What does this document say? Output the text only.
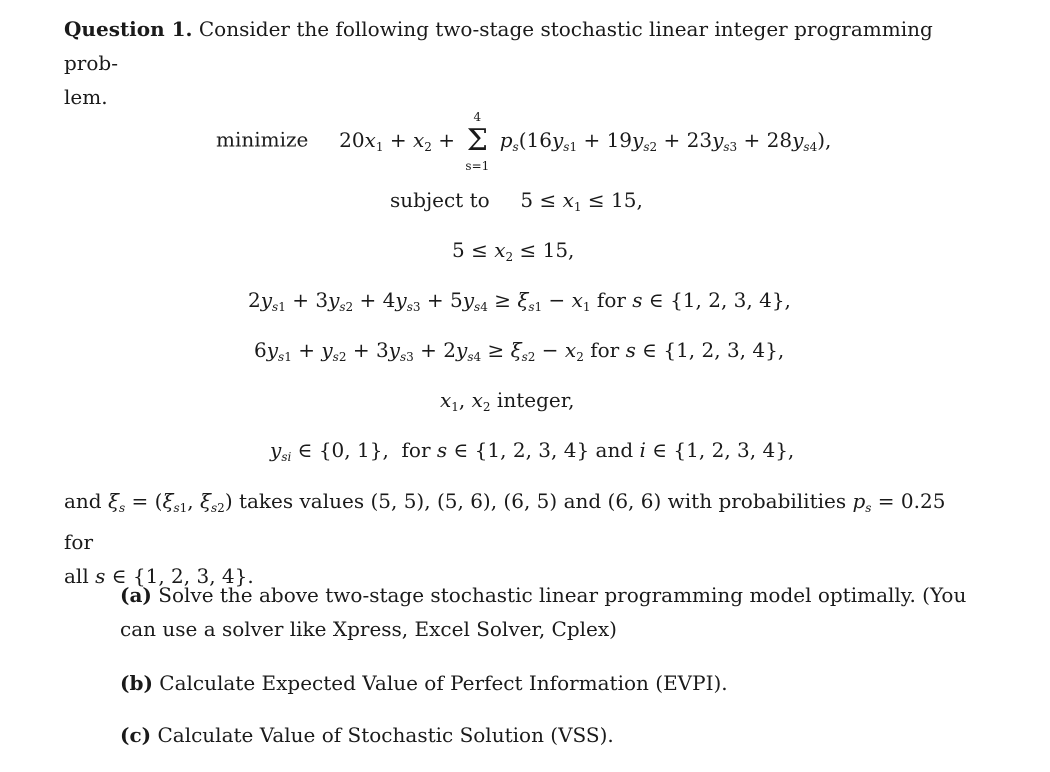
Question 1. Consider the following two-stage stochastic linear integer programming prob-
lem.
minimize $20x_1 + x_2$ +
4
Σ
s=1
$p_s(16y_{s1} + 19y_{s2} + 23y_{s3} + 28y_{s4})$,
subject to $5 \le x_1 \le 15$,
$5 \le x_2 \le 15$,
$2y_{s1} + 3y_{s2} + 4y_{s3} + 5y_{s4} \ge \xi_{s1} - x_1$ for s ∈ {1, 2, 3, 4},
$6y_{s1} + y_{s2} + 3y_{s3} + 2y_{s4} \ge \xi_{s2} - x_2$ for s ∈ {1, 2, 3, 4},
$x_1$, $x_2$ integer,
$y_{si}$ ∈ {0, 1},  for s ∈ {1, 2, 3, 4} and i ∈ {1, 2, 3, 4},
and $\xi_s = (\xi_{s1}$, $\xi_{s2}$) takes values (5, 5), (5, 6), (6, 5) and (6, 6) with probabilities $p_s = 0.25$ for
all s ∈ {1, 2, 3, 4}.
(a) Solve the above two-stage stochastic linear programming model optimally. (You can use a solver like Xpress, Excel Solver, Cplex)
(b) Calculate Expected Value of Perfect Information (EVPI).
(c) Calculate Value of Stochastic Solution (VSS).
